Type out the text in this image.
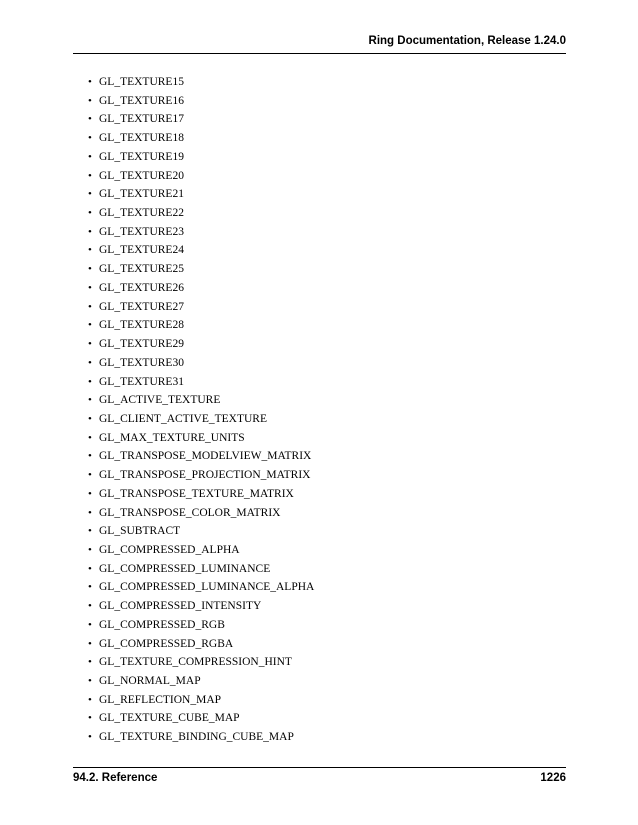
Ring Documentation, Release 1.24.0
• GL_TEXTURE15
• GL_TEXTURE16
• GL_TEXTURE17
• GL_TEXTURE18
• GL_TEXTURE19
• GL_TEXTURE20
• GL_TEXTURE21
• GL_TEXTURE22
• GL_TEXTURE23
• GL_TEXTURE24
• GL_TEXTURE25
• GL_TEXTURE26
• GL_TEXTURE27
• GL_TEXTURE28
• GL_TEXTURE29
• GL_TEXTURE30
• GL_TEXTURE31
• GL_ACTIVE_TEXTURE
• GL_CLIENT_ACTIVE_TEXTURE
• GL_MAX_TEXTURE_UNITS
• GL_TRANSPOSE_MODELVIEW_MATRIX
• GL_TRANSPOSE_PROJECTION_MATRIX
• GL_TRANSPOSE_TEXTURE_MATRIX
• GL_TRANSPOSE_COLOR_MATRIX
• GL_SUBTRACT
• GL_COMPRESSED_ALPHA
• GL_COMPRESSED_LUMINANCE
• GL_COMPRESSED_LUMINANCE_ALPHA
• GL_COMPRESSED_INTENSITY
• GL_COMPRESSED_RGB
• GL_COMPRESSED_RGBA
• GL_TEXTURE_COMPRESSION_HINT
• GL_NORMAL_MAP
• GL_REFLECTION_MAP
• GL_TEXTURE_CUBE_MAP
• GL_TEXTURE_BINDING_CUBE_MAP
94.2. Reference	1226
